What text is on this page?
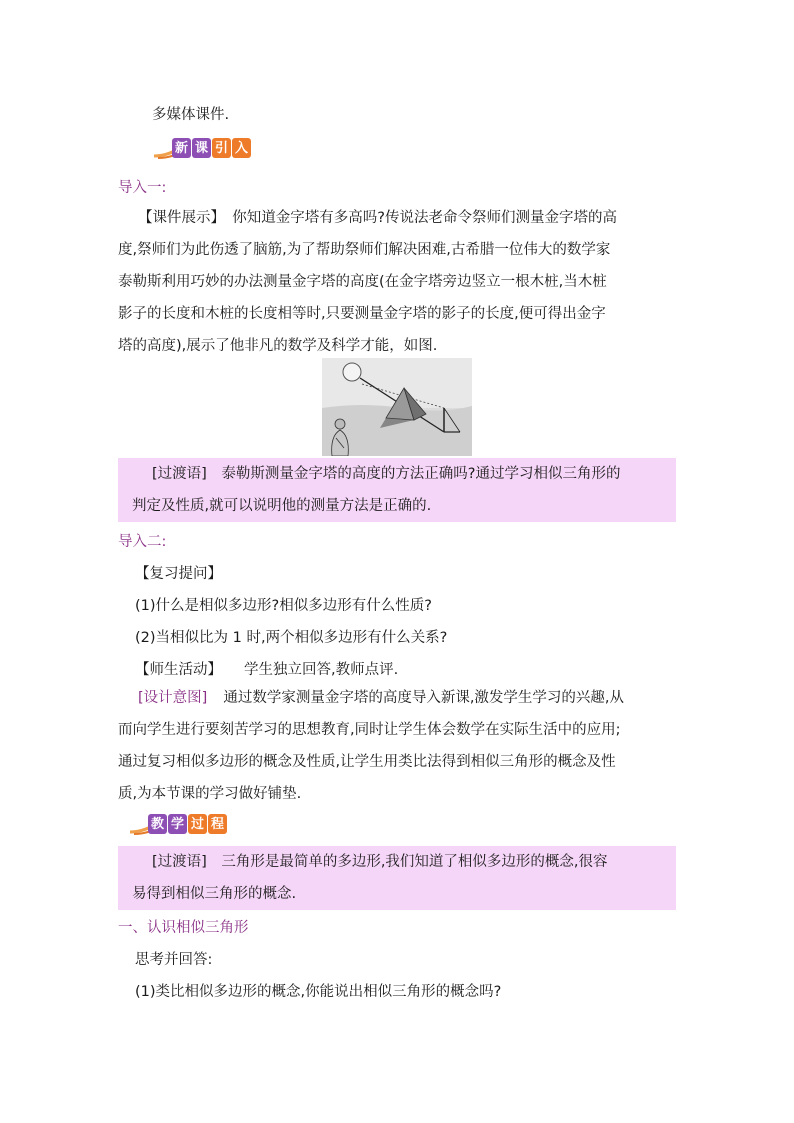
多媒体课件.
新 课 引 入
导入一:

【课件展示】　你知道金字塔有多高吗?传说法老命令祭师们测量金字塔的高

度,祭师们为此伤透了脑筋,为了帮助祭师们解决困难,古希腊一位伟大的数学家

泰勒斯利用巧妙的办法测量金字塔的高度(在金字塔旁边竖立一根木桩,当木桩

影子的长度和木桩的长度相等时,只要测量金字塔的影子的长度,便可得出金字

塔的高度),展示了他非凡的数学及科学才能，如图.

[过渡语]　泰勒斯测量金字塔的高度的方法正确吗?通过学习相似三角形的

判定及性质,就可以说明他的测量方法是正确的.

导入二:
【复习提问】
(1)什么是相似多边形?相似多边形有什么性质?
(2)当相似比为 1 时,两个相似多边形有什么关系?
【师生活动】 学生独立回答,教师点评.

[设计意图] 通过数学家测量金字塔的高度导入新课,激发学生学习的兴趣,从

而向学生进行要刻苦学习的思想教育,同时让学生体会数学在实际生活中的应用;

通过复习相似多边形的概念及性质,让学生用类比法得到相似三角形的概念及性

质,为本节课的学习做好铺垫.

教 学 过 程

[过渡语]　三角形是最简单的多边形,我们知道了相似多边形的概念,很容

易得到相似三角形的概念.

一、认识相似三角形
思考并回答:
(1)类比相似多边形的概念,你能说出相似三角形的概念吗?
